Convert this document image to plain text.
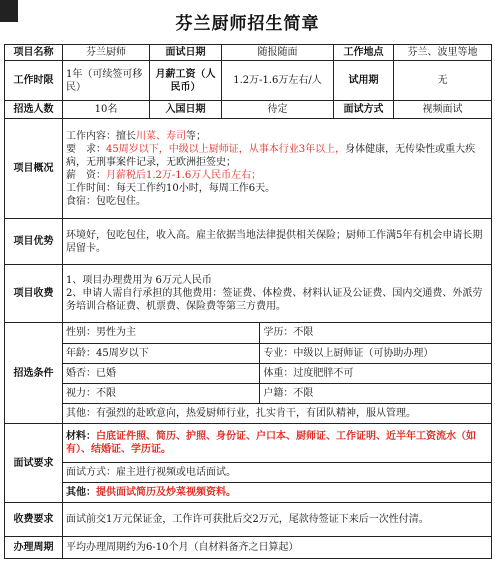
芬兰厨师招生简章
项目名称	芬兰厨师	面试日期	随报随面	工作地点	芬兰、波里等地
工作时限	1年（可续签可移民）	月薪工资（人民币）	1.2万-1.6万左右/人	试用期	无
招选人数	10名	入国日期	待定	面试方式	视频面试
项目概况	
工作内容：擅长川菜、寿司等；
要　求：45周岁以下，中级以上厨师证，从事本行业3年以上，身体健康，无传染性或重大疾病，无刑事案件记录，无欧洲拒签史；
薪　资：月薪税后1.2万-1.6万人民币左右；
工作时间：每天工作约10小时，每周工作6天。
食宿：包吃包住。

项目优势	环境好，包吃包住，收入高。雇主依据当地法律提供相关保险；厨师工作满5年有机会申请长期居留卡。
项目收费	
1、项目办理费用为 6万元人民币
2、申请人需自行承担的其他费用：签证费、体检费、材料认证及公证费、国内交通费、外派劳务培训合格证费、机票费、保险费等第三方费用。

招选条件	
性别：男性为主	学历：不限
年龄：45周岁以下	专业：中级以上厨师证（可协助办理）
婚否：已婚	体重：过度肥胖不可
视力：不限	户籍：不限
其他：有强烈的赴欧意向，热爱厨师行业，扎实肯干，有团队精神，服从管理。

面试要求	
材料：白底证件照、简历、护照、身份证、户口本、厨师证、工作证明、近半年工资流水（如有）、结婚证、学历证。
面试方式：雇主进行视频或电话面试。
其他：提供面试简历及炒菜视频资料。

收费要求	面试前交1万元保证金，工作许可获批后交2万元，尾款待签证下来后一次性付清。
办理周期	平均办理周期约为6-10个月（自材料备齐之日算起）
